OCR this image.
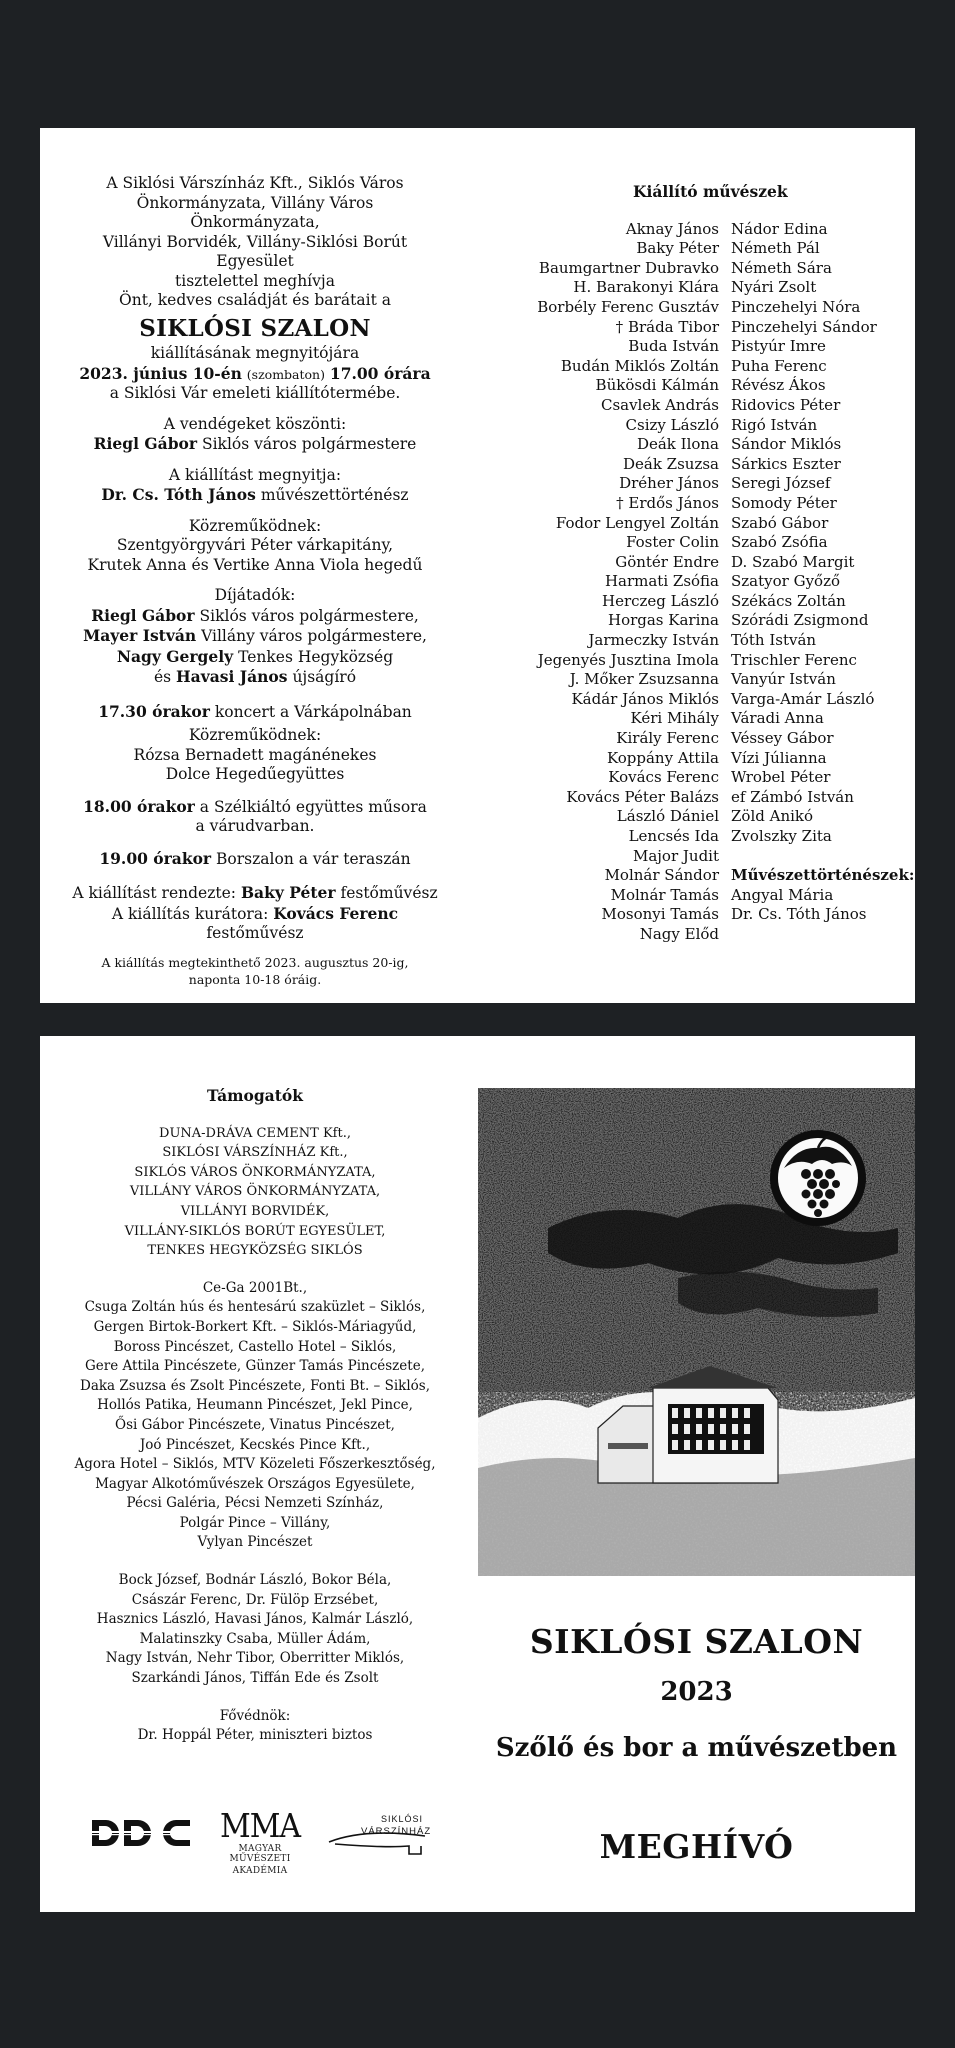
A Siklósi Várszínház Kft., Siklós Város
Önkormányzata, Villány Város Önkormányzata,
Villányi Borvidék, Villány-Siklósi Borút Egyesület
tisztelettel meghívja
Önt, kedves családját és barátait a
SIKLÓSI SZALON

kiállításának megnyitójára

2023. június 10-én (szombaton) 17.00 órára

a Siklósi Vár emeleti kiállítótermébe.

A vendégeket köszönti:

Riegl Gábor Siklós város polgármestere

A kiállítást megnyitja:

Dr. Cs. Tóth János művészettörténész

Közreműködnek:

Szentgyörgyvári Péter várkapitány,

Krutek Anna és Vertike Anna Viola hegedű

Díjátadók:

Riegl Gábor Siklós város polgármestere,

Mayer István Villány város polgármestere,

Nagy Gergely Tenkes Hegyközség

és Havasi János újságíró

17.30 órakor koncert a Várkápolnában

Közreműködnek:

Rózsa Bernadett magánénekes

Dolce Hegedűegyüttes

18.00 órakor a Szélkiáltó együttes műsora

a várudvarban.

19.00 órakor Borszalon a vár teraszán

A kiállítást rendezte: Baky Péter festőművész

A kiállítás kurátora: Kovács Ferenc festőművész

A kiállítás megtekinthető 2023. augusztus 20-ig,
naponta 10-18 óráig.
Kiállító művészek
Aknay János
Baky Péter
Baumgartner Dubravko
H. Barakonyi Klára
Borbély Ferenc Gusztáv
† Bráda Tibor
Buda István
Budán Miklós Zoltán
Bükösdi Kálmán
Csavlek András
Csizy László
Deák Ilona
Deák Zsuzsa
Dréher János
† Erdős János
Fodor Lengyel Zoltán
Foster Colin
Göntér Endre
Harmati Zsófia
Herczeg László
Horgas Karina
Jarmeczky István
Jegenyés Jusztina Imola
J. Mőker Zsuzsanna
Kádár János Miklós
Kéri Mihály
Király Ferenc
Koppány Attila
Kovács Ferenc
Kovács Péter Balázs
László Dániel
Lencsés Ida
Major Judit
Molnár Sándor
Molnár Tamás
Mosonyi Tamás
Nagy Előd
Nádor Edina
Németh Pál
Németh Sára
Nyári Zsolt
Pinczehelyi Nóra
Pinczehelyi Sándor
Pistyúr Imre
Puha Ferenc
Révész Ákos
Ridovics Péter
Rigó István
Sándor Miklós
Sárkics Eszter
Seregi József
Somody Péter
Szabó Gábor
Szabó Zsófia
D. Szabó Margit
Szatyor Győző
Székács Zoltán
Szórádi Zsigmond
Tóth István
Trischler Ferenc
Vanyúr István
Varga-Amár László
Váradi Anna
Véssey Gábor
Vízi Júlianna
Wrobel Péter
ef Zámbó István
Zöld Anikó
Zvolszky Zita
Művészettörténészek:
Angyal Mária
Dr. Cs. Tóth János
Támogatók
DUNA-DRÁVA CEMENT Kft.,
SIKLÓSI VÁRSZÍNHÁZ Kft.,
SIKLÓS VÁROS ÖNKORMÁNYZATA,
VILLÁNY VÁROS ÖNKORMÁNYZATA,
VILLÁNYI BORVIDÉK,
VILLÁNY-SIKLÓS BORÚT EGYESÜLET,
TENKES HEGYKÖZSÉG SIKLÓS
Ce-Ga 2001Bt.,
Csuga Zoltán hús és hentesárú szaküzlet – Siklós,
Gergen Birtok-Borkert Kft. – Siklós-Máriagyűd,
Boross Pincészet, Castello Hotel – Siklós,
Gere Attila Pincészete, Günzer Tamás Pincészete,
Daka Zsuzsa és Zsolt Pincészete, Fonti Bt. – Siklós,
Hollós Patika, Heumann Pincészet, Jekl Pince,
Ősi Gábor Pincészete, Vinatus Pincészet,
Joó Pincészet, Kecskés Pince Kft.,
Agora Hotel – Siklós, MTV Közeleti Főszerkesztőség,
Magyar Alkotóművészek Országos Egyesülete,
Pécsi Galéria, Pécsi Nemzeti Színház,
Polgár Pince – Villány,
Vylyan Pincészet
Bock József, Bodnár László, Bokor Béla,
Császár Ferenc, Dr. Fülöp Erzsébet,
Hasznics László, Havasi János, Kalmár László,
Malatinszky Csaba, Müller Ádám,
Nagy István, Nehr Tibor, Oberritter Miklós,
Szarkándi János, Tiffán Ede és Zsolt
Fővédnök:
Dr. Hoppál Péter, miniszteri biztos
MMA
MAGYAR MŰVÉSZETI
AKADÉMIA
SIKLÓSI
VÁRSZÍNHÁZ
SIKLÓSI SZALON
2023
Szőlő és bor a művészetben
MEGHÍVÓ
